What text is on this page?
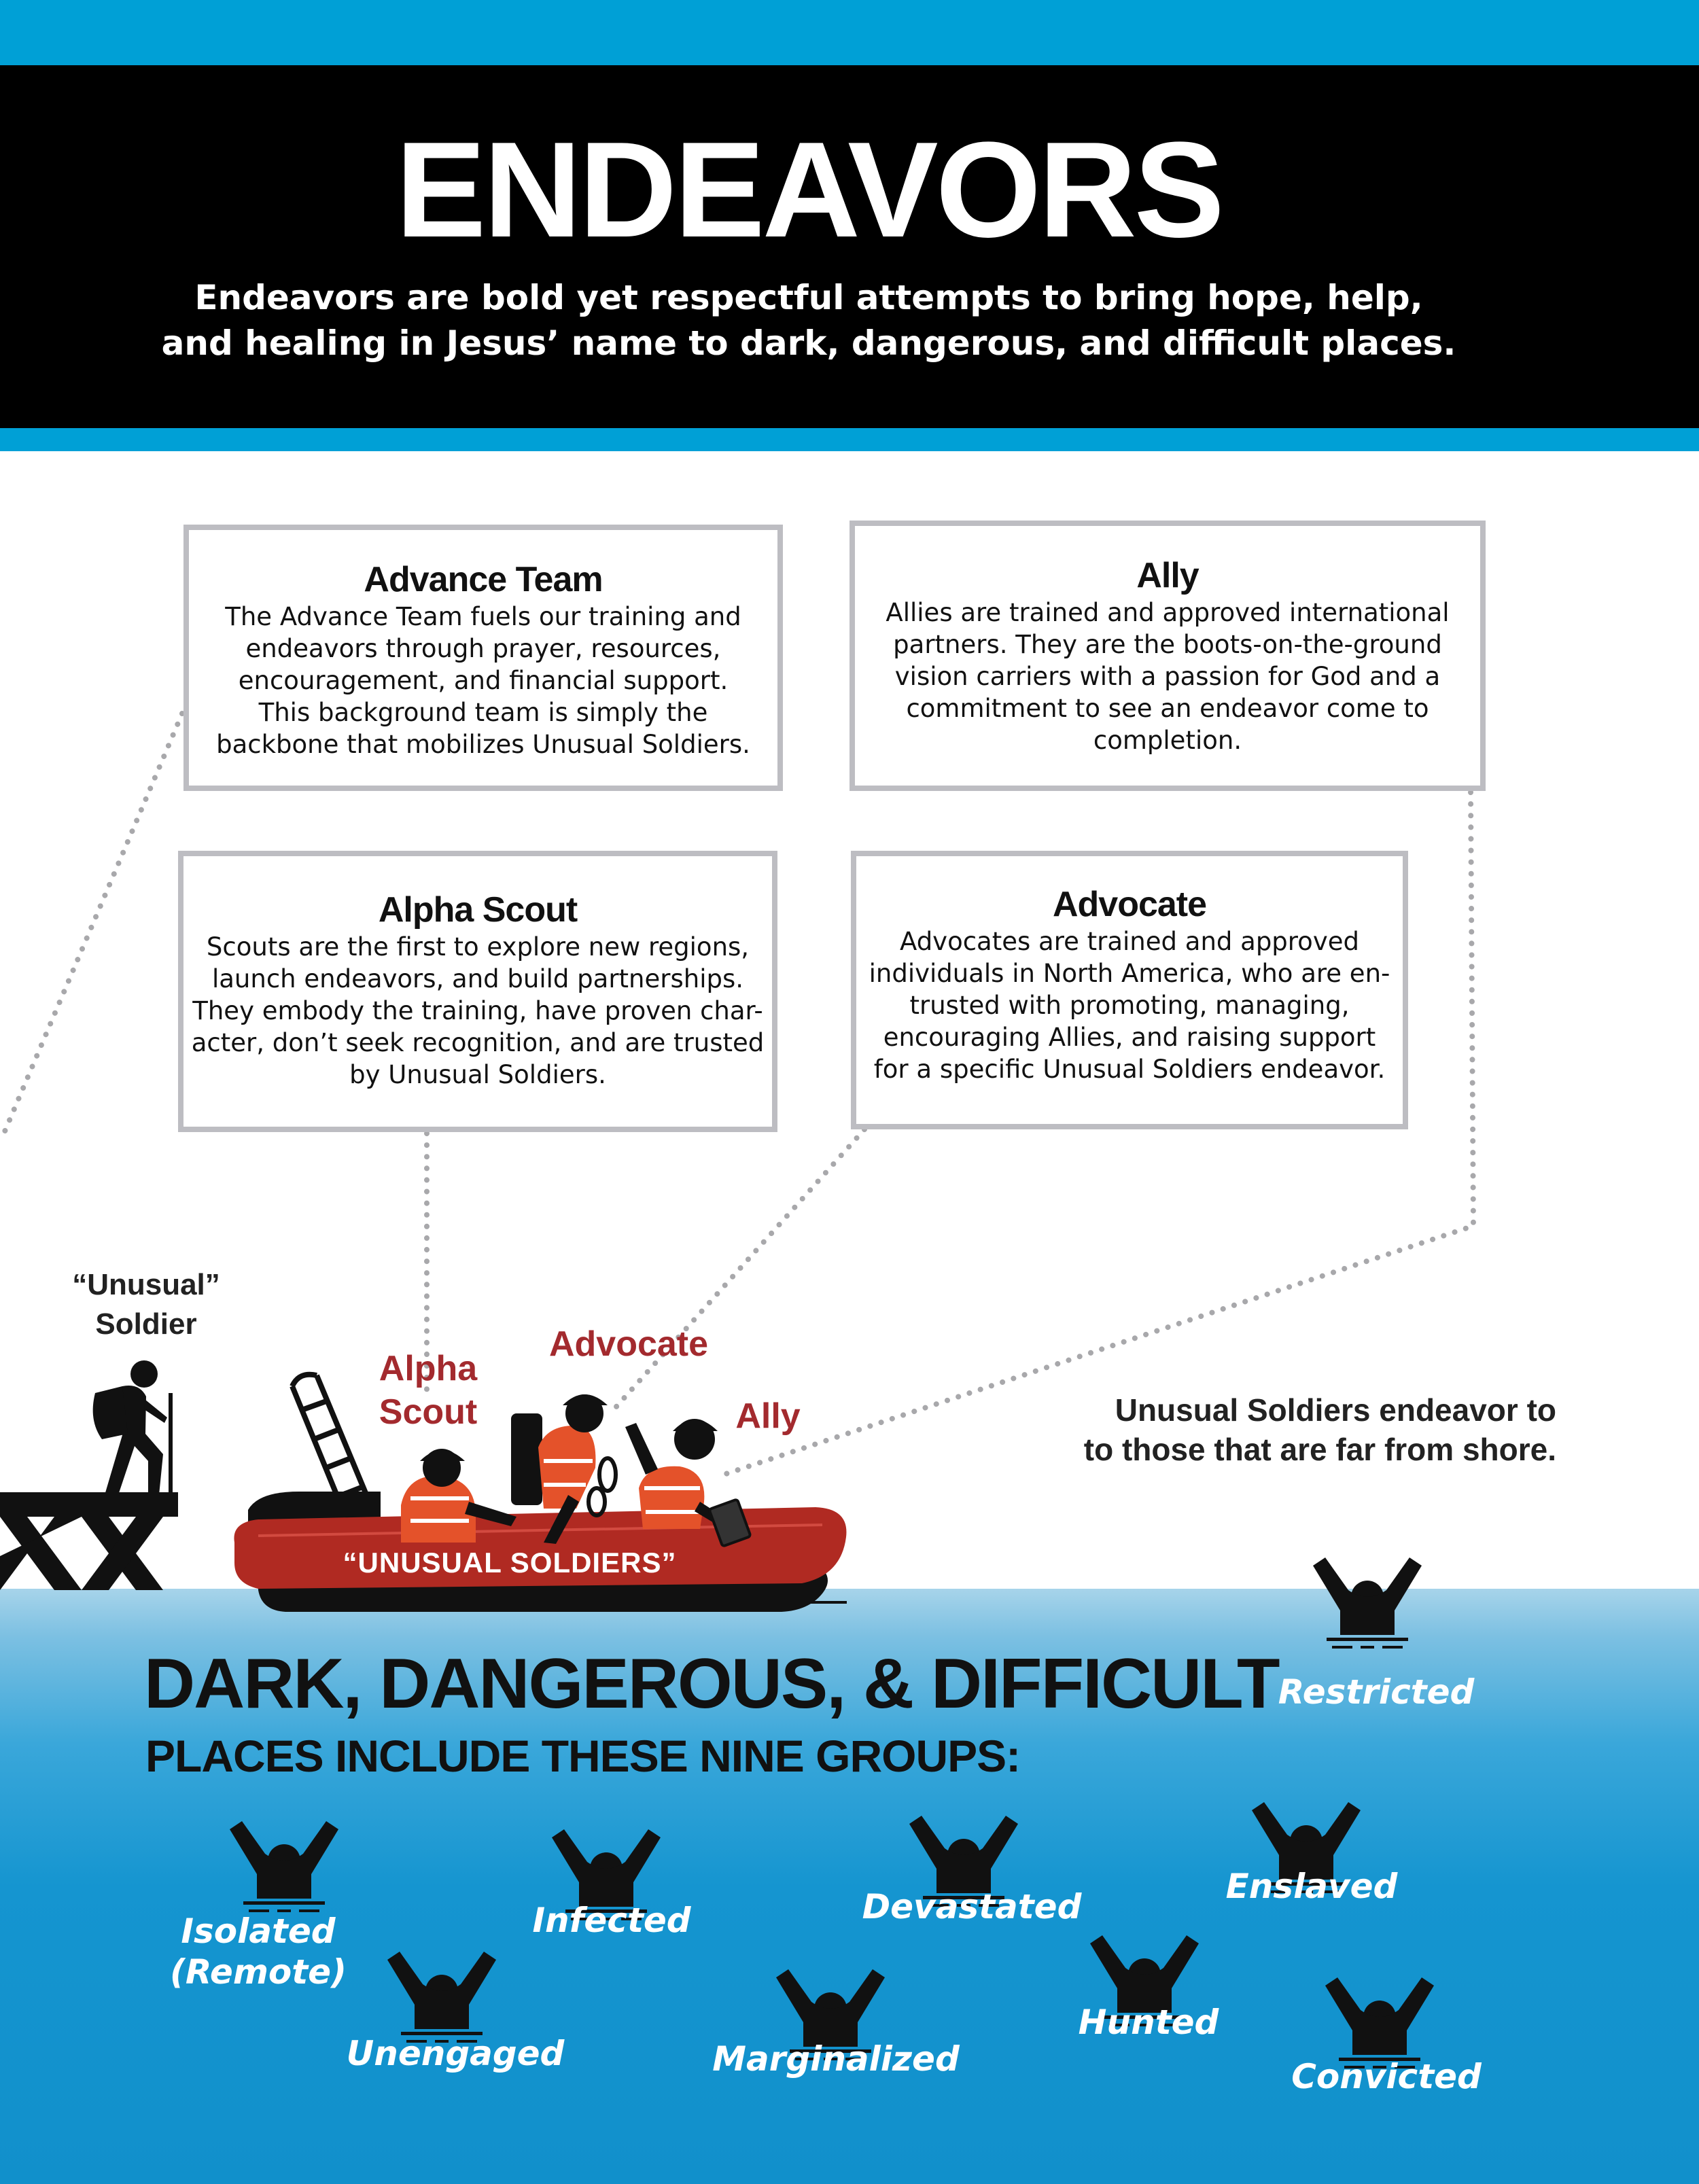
ENDEAVORS
Endeavors are bold yet respectful attempts to bring hope, help,
and healing in Jesus’ name to dark, dangerous, and difficult places.
Advance Team

The Advance Team fuels our training and

endeavors through prayer, resources,

encouragement, and financial support.

This background team is simply the

backbone that mobilizes Unusual Soldiers.

Ally

Allies are trained and approved international

partners. They are the boots-on-the-ground

vision carriers with a passion for God and a

commitment to see an endeavor come to

completion.

Alpha Scout

Scouts are the first to explore new regions,

launch endeavors, and build partnerships.

They embody the training, have proven char-

acter, don’t seek recognition, and are trusted

by Unusual Soldiers.

Advocate

Advocates are trained and approved

individuals in North America, who are en-

trusted with promoting, managing,

encouraging Allies, and raising support

for a specific Unusual Soldiers endeavor.

“Unusual”
Soldier
Alpha
Scout
Advocate
Ally
“UNUSUAL SOLDIERS”
Unusual Soldiers endeavor to
to those that are far from shore.
DARK, DANGEROUS, & DIFFICULT
PLACES INCLUDE THESE NINE GROUPS:
Restricted
Isolated
(Remote)
Infected	Devastated
Enslaved
Unengaged	Marginalized
Hunted
Convicted
